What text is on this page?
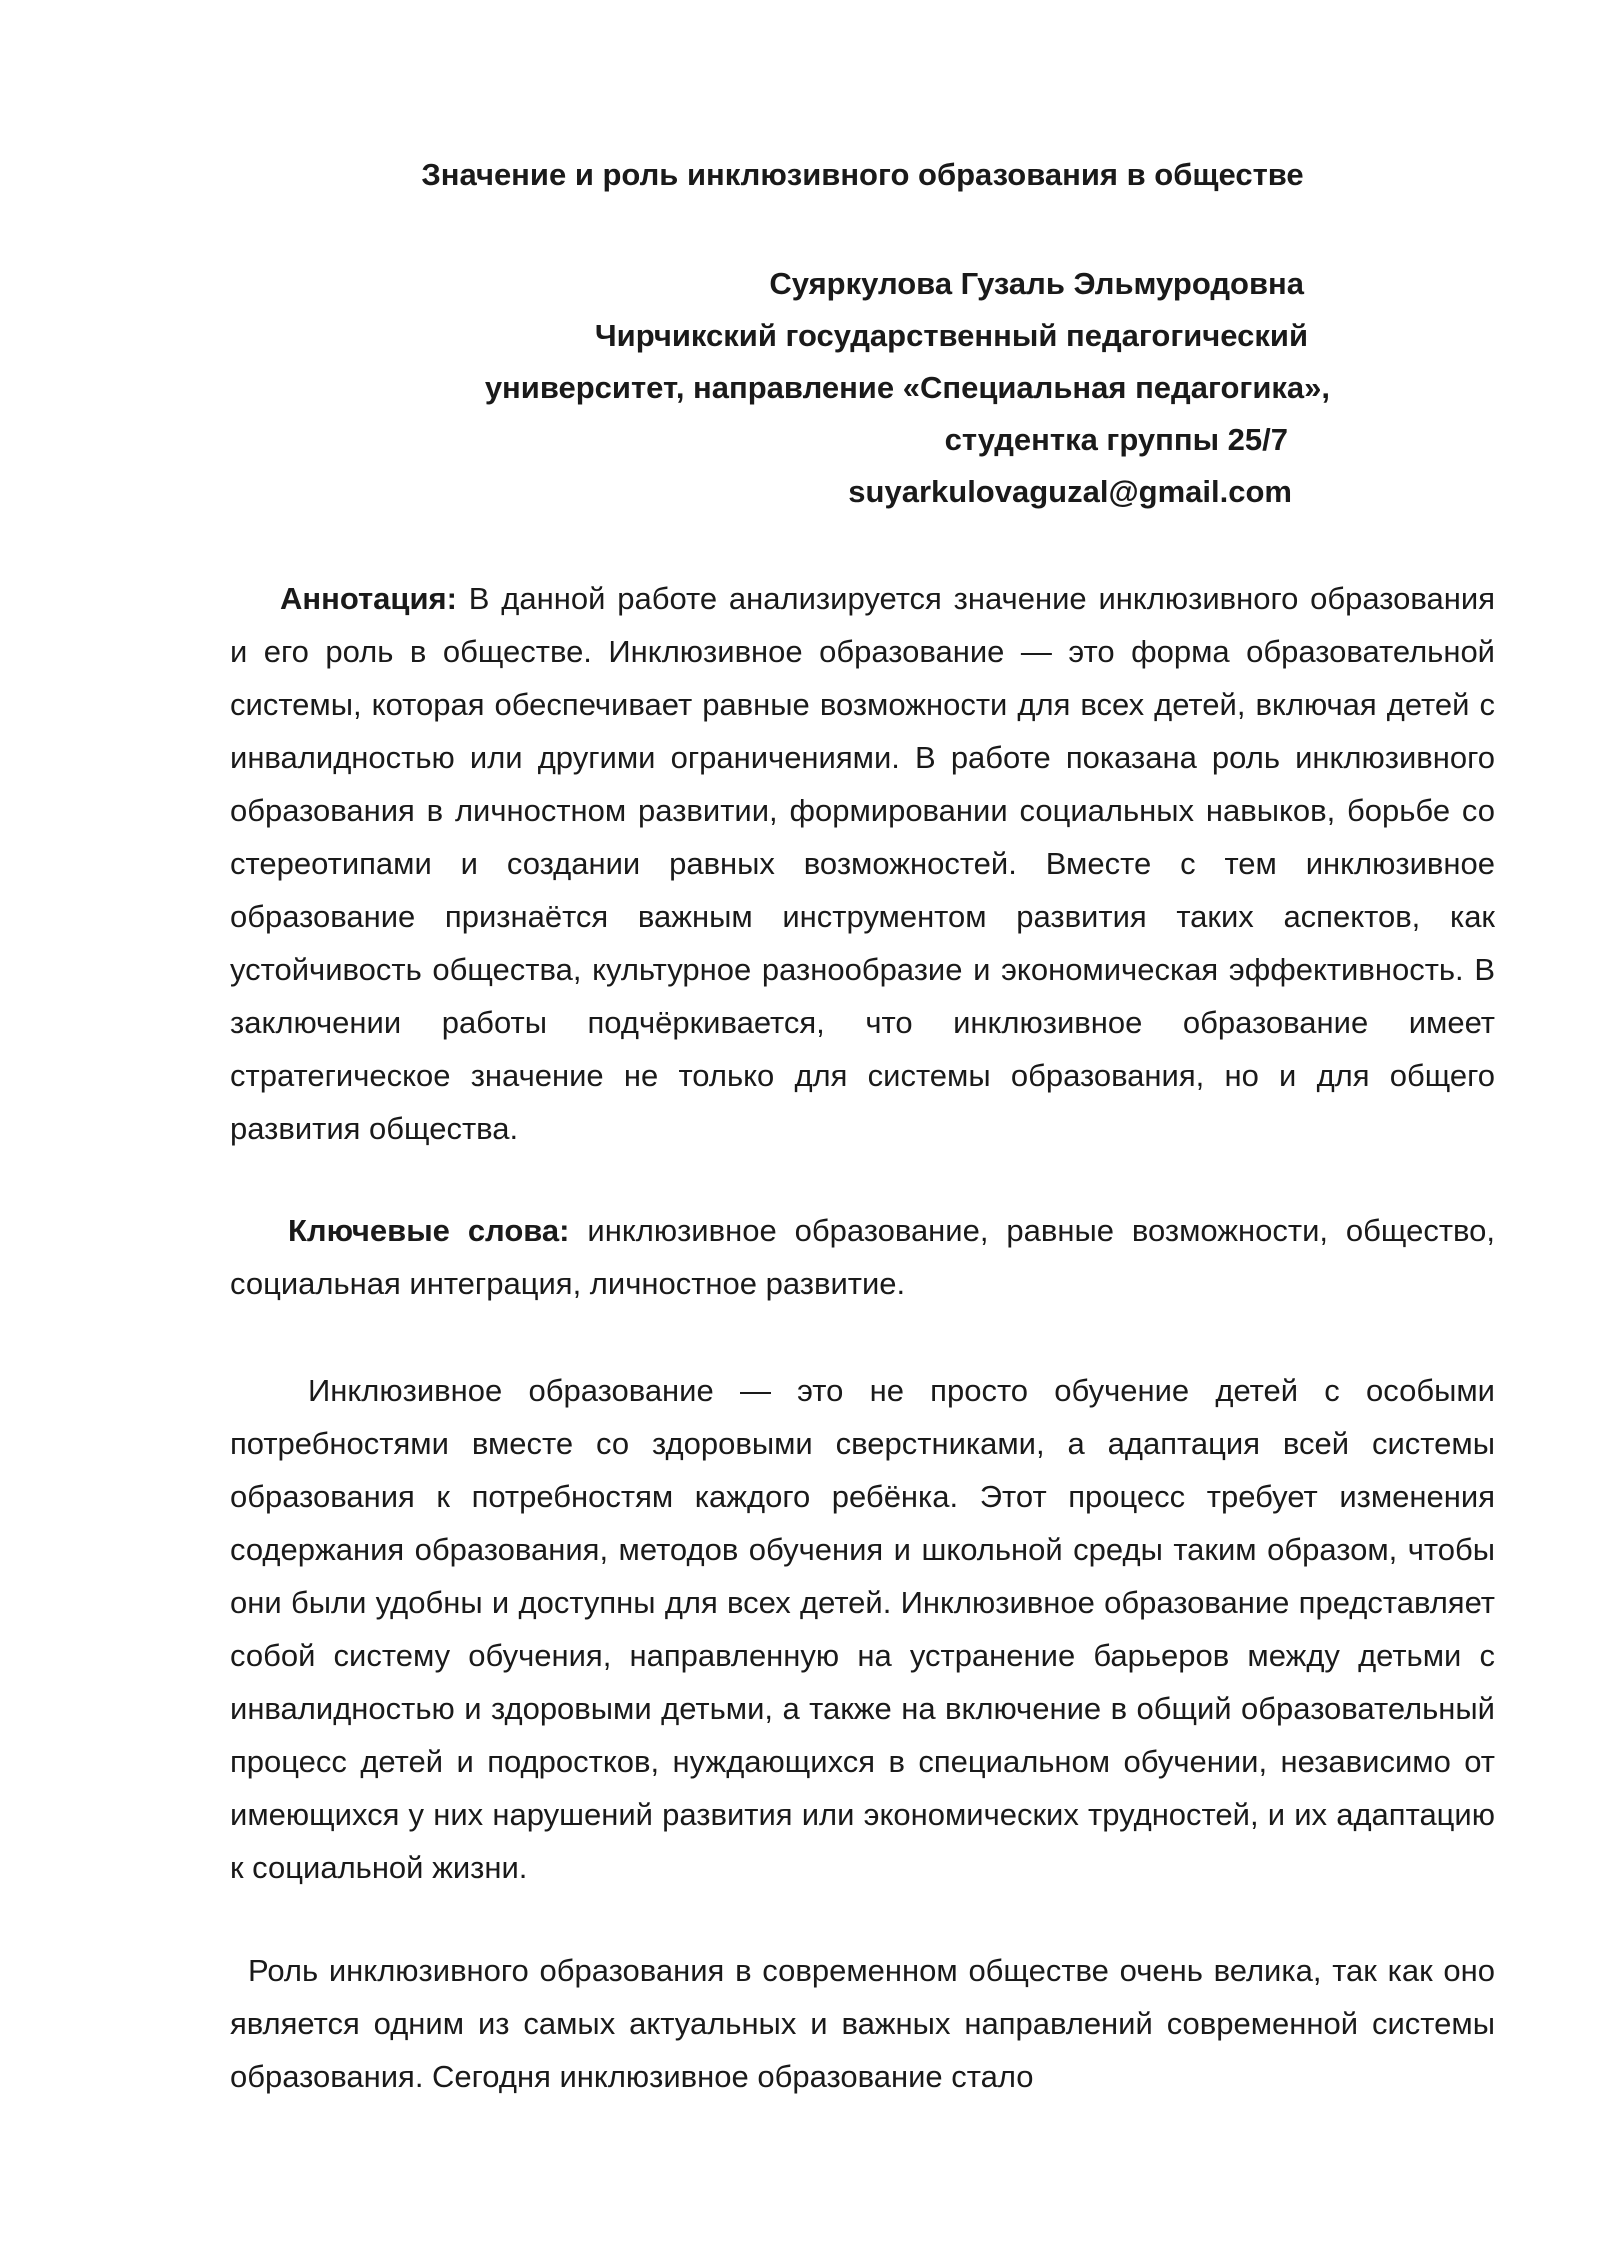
Значение и роль инклюзивного образования в обществе
Суяркулова Гузаль Эльмуродовна
Чирчикский государственный педагогический
университет, направление «Специальная педагогика»,
студентка группы 25/7
suyarkulovaguzal@gmail.com

Аннотация: В данной работе анализируется значение инклюзивного образования и его роль в обществе. Инклюзивное образование — это форма образовательной системы, которая обеспечивает равные возможности для всех детей, включая детей с инвалидностью или другими ограничениями. В работе показана роль инклюзивного образования в личностном развитии, формировании социальных навыков, борьбе со стереотипами и создании равных возможностей. Вместе с тем инклюзивное образование признаётся важным инструментом развития таких аспектов, как устойчивость общества, культурное разнообразие и экономическая эффективность. В заключении работы подчёркивается, что инклюзивное образование имеет стратегическое значение не только для системы образования, но и для общего развития общества.

Ключевые слова: инклюзивное образование, равные возможности, общество, социальная интеграция, личностное развитие.

Инклюзивное образование — это не просто обучение детей с особыми потребностями вместе со здоровыми сверстниками, а адаптация всей системы образования к потребностям каждого ребёнка. Этот процесс требует изменения содержания образования, методов обучения и школьной среды таким образом, чтобы они были удобны и доступны для всех детей. Инклюзивное образование представляет собой систему обучения, направленную на устранение барьеров между детьми с инвалидностью и здоровыми детьми, а также на включение в общий образовательный процесс детей и подростков, нуждающихся в специальном обучении, независимо от имеющихся у них нарушений развития или экономических трудностей, и их адаптацию к социальной жизни.

Роль инклюзивного образования в современном обществе очень велика, так как оно является одним из самых актуальных и важных направлений современной системы образования. Сегодня инклюзивное образование стало
